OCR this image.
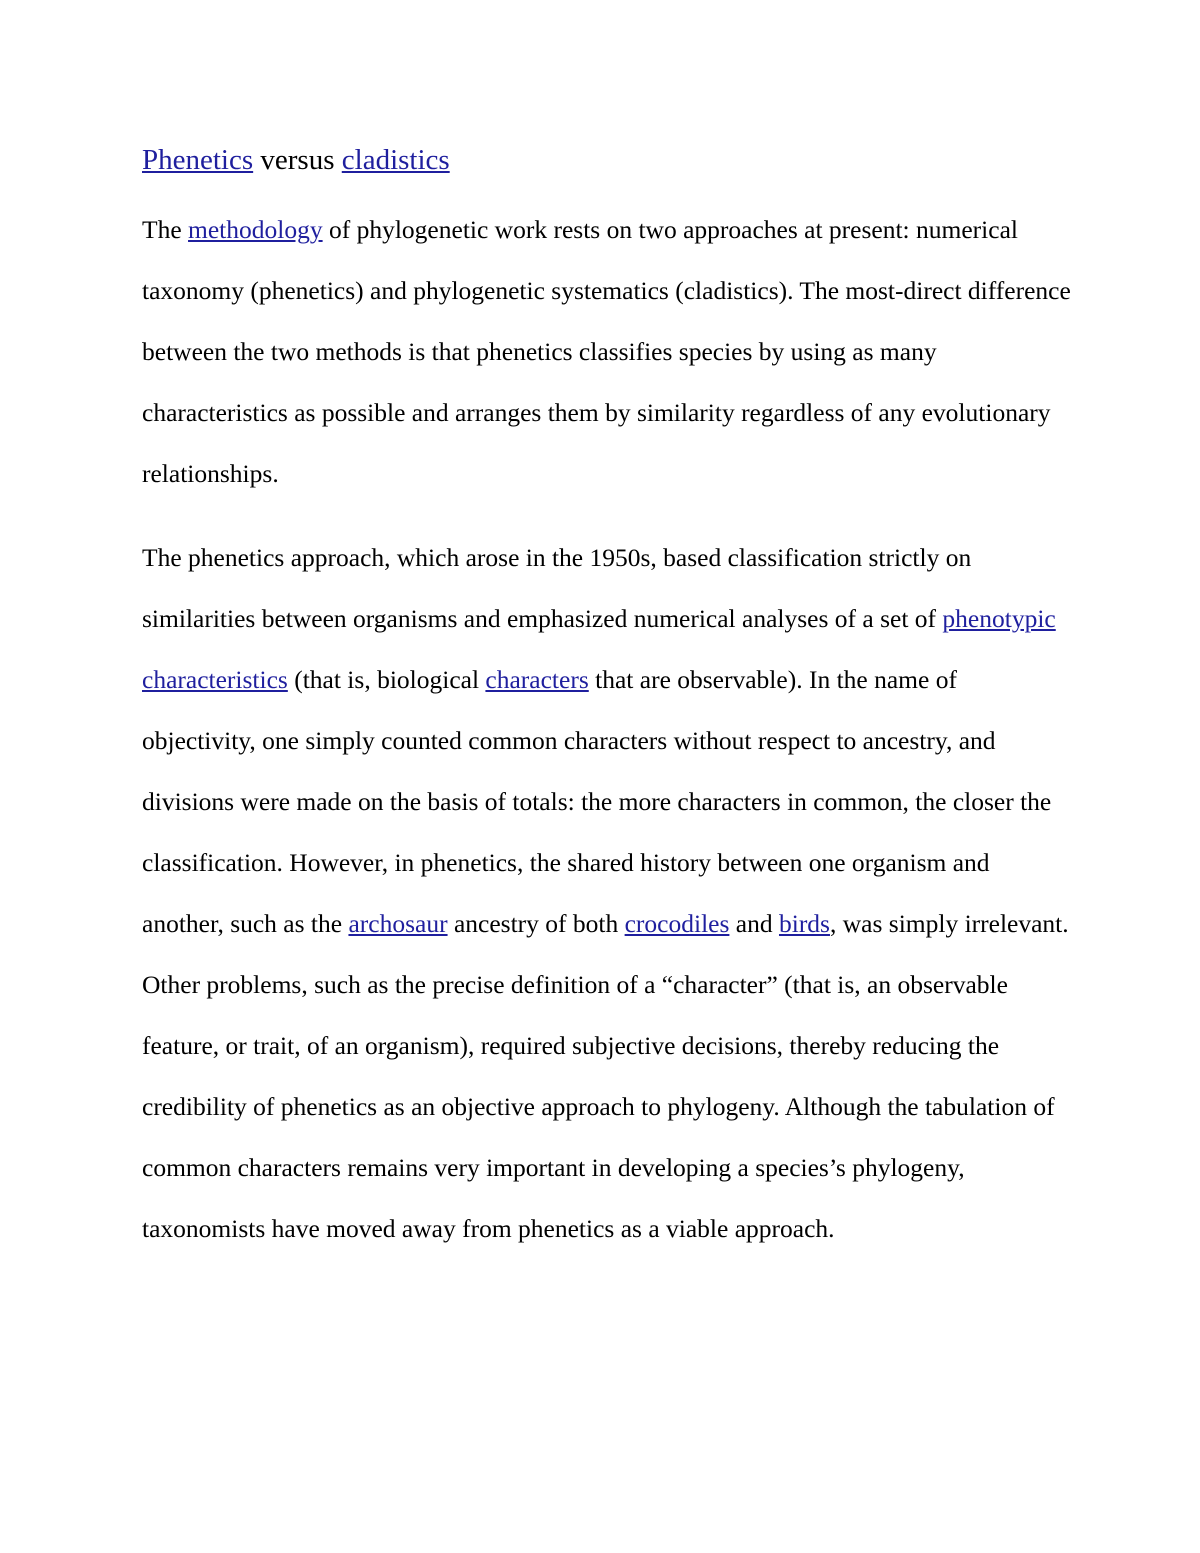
Phenetics versus cladistics

The methodology of phylogenetic work rests on two approaches at present: numerical taxonomy (phenetics) and phylogenetic systematics (cladistics). The most-direct difference between the two methods is that phenetics classifies species by using as many characteristics as possible and arranges them by similarity regardless of any evolutionary relationships.

The phenetics approach, which arose in the 1950s, based classification strictly on similarities between organisms and emphasized numerical analyses of a set of phenotypic characteristics (that is, biological characters that are observable). In the name of objectivity, one simply counted common characters without respect to ancestry, and divisions were made on the basis of totals: the more characters in common, the closer the classification. However, in phenetics, the shared history between one organism and another, such as the archosaur ancestry of both crocodiles and birds, was simply irrelevant. Other problems, such as the precise definition of a “character” (that is, an observable feature, or trait, of an organism), required subjective decisions, thereby reducing the credibility of phenetics as an objective approach to phylogeny. Although the tabulation of common characters remains very important in developing a species’s phylogeny, taxonomists have moved away from phenetics as a viable approach.
